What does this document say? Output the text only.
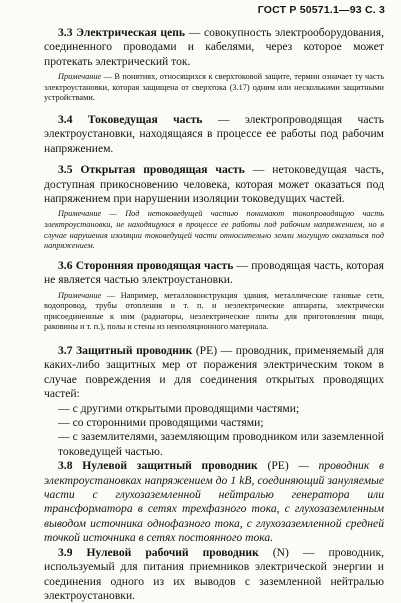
ГОСТ Р 50571.1—93 С. 3

3.3 Электрическая цепь — совокупность электрооборудования, соединенного проводами и кабелями, через которое может протекать электрический ток.

Примечание — В понятиях, относящихся к сверхтоковой защите, термин означает ту часть электроустановки, которая защищена от сверхтока (3.17) одним или несколькими защитными устройствами.

3.4 Токоведущая часть — электропроводящая часть электроустановки, находящаяся в процессе ее работы под рабочим напряжением.

3.5 Открытая проводящая часть — нетоковедущая часть, доступная прикосновению человека, которая может оказаться под напряжением при нарушении изоляции токоведущих частей.

Примечание — Под нетоковедущей частью понимают токопроводящую часть электроустановки, не находящуюся в процессе ее работы под рабочим напряжением, но в случае нарушения изоляции токоведущей части относительно земли могущую оказаться под напряжением.

3.6 Сторонняя проводящая часть — проводящая часть, которая не является частью электроустановки.

Примечание — Например, металлоконструкция здания, металлические газовые сети, водопровод, трубы отопления и т. п. и неэлектрические аппараты, электрически присоединенные к ним (радиаторы, неэлектрические плиты для приготовления пищи, раковины и т. п.), полы и стены из неизоляционного материала.

3.7 Защитный проводник (PE) — проводник, применяемый для каких-либо защитных мер от поражения электрическим током в случае повреждения и для соединения открытых проводящих частей:

— с другими открытыми проводящими частями;

— со сторонними проводящими частями;

— с заземлителями, заземляющим проводником или заземленной токоведущей частью.

3.8 Нулевой защитный проводник (PE) — проводник в электроустановках напряжением до 1 kВ, соединяющий зануляемые части с глухозаземленной нейтралью генератора или трансформатора в сетях трехфазного тока, с глухозаземленным выводом источника однофазного тока, с глухозаземленной средней точкой источника в сетях постоянного тока.

3.9 Нулевой рабочий проводник (N) — проводник, используемый для питания приемников электрической энергии и соединения одного из их выводов с заземленной нейтралью электроустановки.
